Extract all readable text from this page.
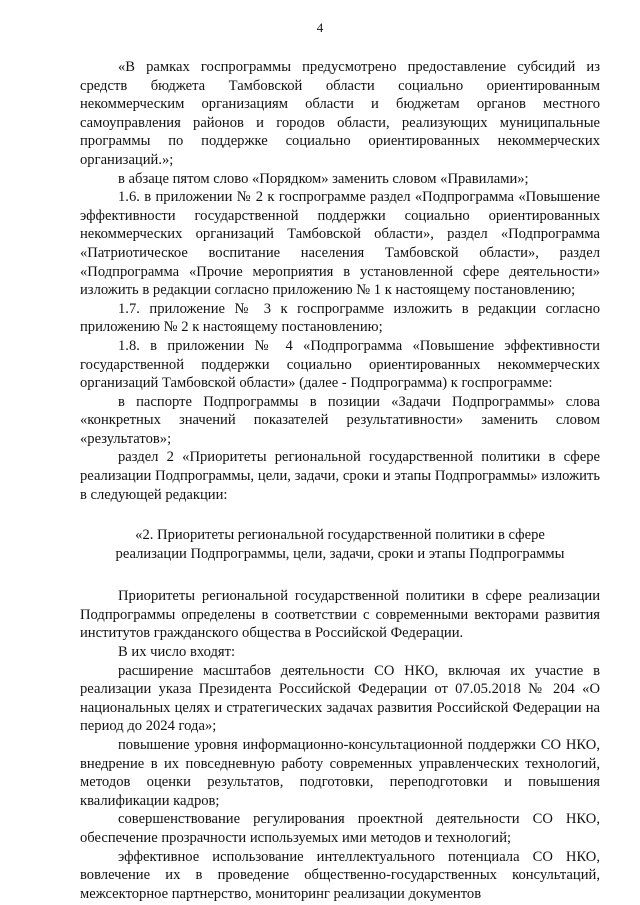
4

«В рамках госпрограммы предусмотрено предоставление субсидий из средств бюджета Тамбовской области социально ориентированным некоммерческим организациям области и бюджетам органов местного самоуправления районов и городов области, реализующих муниципальные программы по поддержке социально ориентированных некоммерческих организаций.»;

в абзаце пятом слово «Порядком» заменить словом «Правилами»;

1.6. в приложении № 2 к госпрограмме раздел «Подпрограмма «Повышение эффективности государственной поддержки социально ориентированных некоммерческих организаций Тамбовской области», раздел «Подпрограмма «Патриотическое воспитание населения Тамбовской области», раздел «Подпрограмма «Прочие мероприятия в установленной сфере деятельности» изложить в редакции согласно приложению № 1 к настоящему постановлению;

1.7. приложение № 3 к госпрограмме изложить в редакции согласно приложению № 2 к настоящему постановлению;

1.8. в приложении № 4 «Подпрограмма «Повышение эффективности государственной поддержки социально ориентированных некоммерческих организаций Тамбовской области» (далее - Подпрограмма) к госпрограмме:

в паспорте Подпрограммы в позиции «Задачи Подпрограммы» слова «конкретных значений показателей результативности» заменить словом «результатов»;

раздел 2 «Приоритеты региональной государственной политики в сфере реализации Подпрограммы, цели, задачи, сроки и этапы Подпрограммы» изложить в следующей редакции:

«2. Приоритеты региональной государственной политики в сфере
реализации Подпрограммы, цели, задачи, сроки и этапы Подпрограммы

Приоритеты региональной государственной политики в сфере реализации Подпрограммы определены в соответствии с современными векторами развития институтов гражданского общества в Российской Федерации.

В их число входят:

расширение масштабов деятельности СО НКО, включая их участие в реализации указа Президента Российской Федерации от 07.05.2018 № 204 «О национальных целях и стратегических задачах развития Российской Федерации на период до 2024 года»;

повышение уровня информационно-консультационной поддержки СО НКО, внедрение в их повседневную работу современных управленческих технологий, методов оценки результатов, подготовки, переподготовки и повышения квалификации кадров;

совершенствование регулирования проектной деятельности СО НКО, обеспечение прозрачности используемых ими методов и технологий;

эффективное использование интеллектуального потенциала СО НКО, вовлечение их в проведение общественно-государственных консультаций, межсекторное партнерство, мониторинг реализации документов
